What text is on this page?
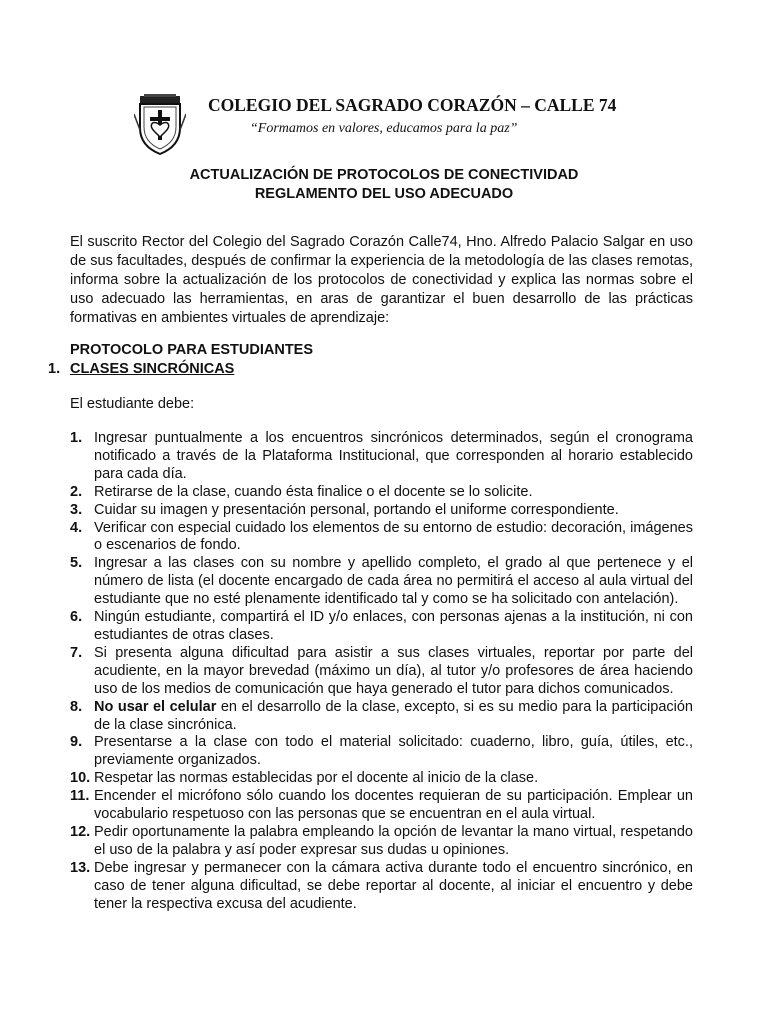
COLEGIO DEL SAGRADO CORAZÓN – CALLE 74
“Formamos en valores, educamos para la paz”
ACTUALIZACIÓN DE PROTOCOLOS DE CONECTIVIDAD
REGLAMENTO DEL USO ADECUADO
El suscrito Rector del Colegio del Sagrado Corazón Calle74, Hno. Alfredo Palacio Salgar en uso de sus facultades, después de confirmar la experiencia de la metodología de las clases remotas, informa sobre la actualización de los protocolos de conectividad y explica las normas sobre el uso adecuado las herramientas, en aras de garantizar el buen desarrollo de las prácticas formativas en ambientes virtuales de aprendizaje:
PROTOCOLO PARA ESTUDIANTES
1. CLASES SINCRÓNICAS
El estudiante debe:
1. Ingresar puntualmente a los encuentros sincrónicos determinados, según el cronograma notificado a través de la Plataforma Institucional, que corresponden al horario establecido para cada día.
2. Retirarse de la clase, cuando ésta finalice o el docente se lo solicite.
3. Cuidar su imagen y presentación personal, portando el uniforme correspondiente.
4. Verificar con especial cuidado los elementos de su entorno de estudio: decoración, imágenes o escenarios de fondo.
5. Ingresar a las clases con su nombre y apellido completo, el grado al que pertenece y el número de lista (el docente encargado de cada área no permitirá el acceso al aula virtual del estudiante que no esté plenamente identificado tal y como se ha solicitado con antelación).
6. Ningún estudiante, compartirá el ID y/o enlaces, con personas ajenas a la institución, ni con estudiantes de otras clases.
7. Si presenta alguna dificultad para asistir a sus clases virtuales, reportar por parte del acudiente, en la mayor brevedad (máximo un día), al tutor y/o profesores de área haciendo uso de los medios de comunicación que haya generado el tutor para dichos comunicados.
8. No usar el celular en el desarrollo de la clase, excepto, si es su medio para la participación de la clase sincrónica.
9. Presentarse a la clase con todo el material solicitado: cuaderno, libro, guía, útiles, etc., previamente organizados.
10. Respetar las normas establecidas por el docente al inicio de la clase.
11. Encender el micrófono sólo cuando los docentes requieran de su participación. Emplear un vocabulario respetuoso con las personas que se encuentran en el aula virtual.
12. Pedir oportunamente la palabra empleando la opción de levantar la mano virtual, respetando el uso de la palabra y así poder expresar sus dudas u opiniones.
13. Debe ingresar y permanecer con la cámara activa durante todo el encuentro sincrónico, en caso de tener alguna dificultad, se debe reportar al docente, al iniciar el encuentro y debe tener la respectiva excusa del acudiente.
